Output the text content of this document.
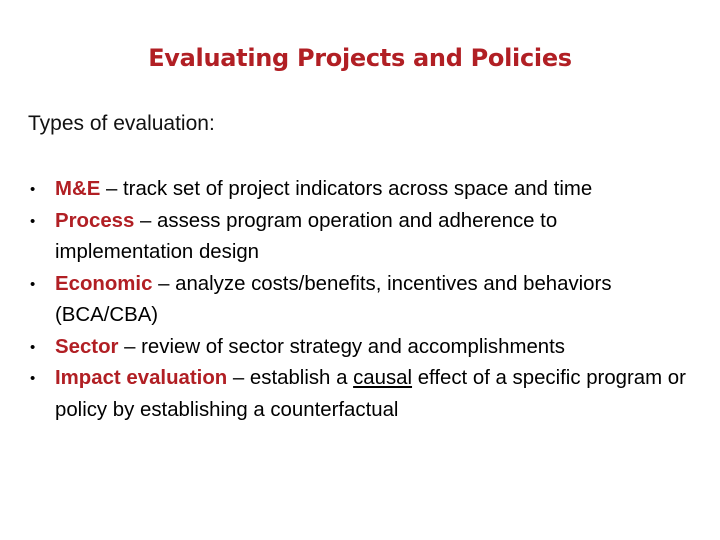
Evaluating Projects and Policies
Types of evaluation:
• M&E – track set of project indicators across space and time
• Process – assess program operation and adherence to implementation design
• Economic – analyze costs/benefits, incentives and behaviors (BCA/CBA)
• Sector – review of sector strategy and accomplishments
• Impact evaluation – establish a causal effect of a specific program or policy by establishing a counterfactual
